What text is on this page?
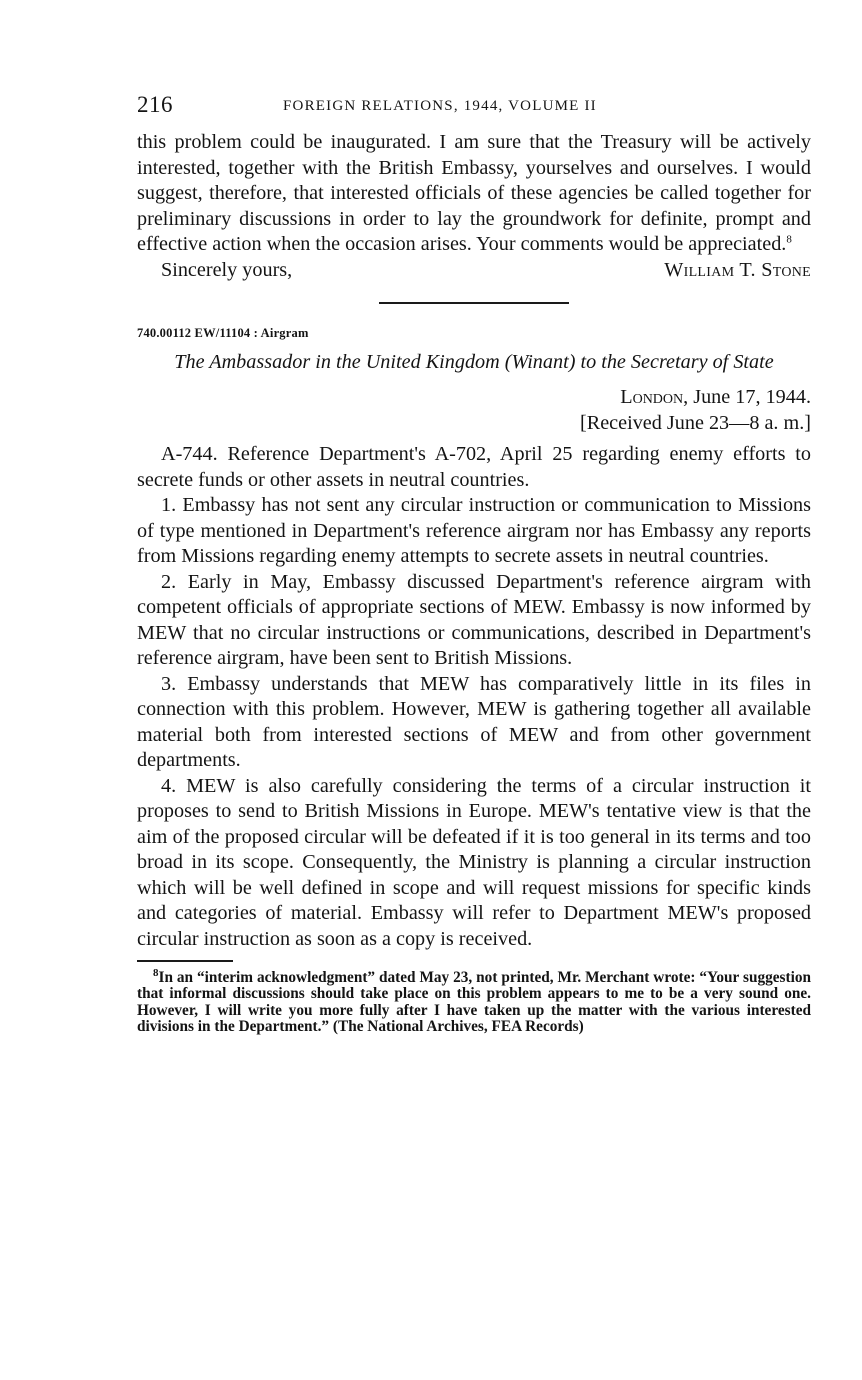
216	FOREIGN RELATIONS, 1944, VOLUME II

this problem could be inaugurated. I am sure that the Treasury will be actively interested, together with the British Embassy, yourselves and ourselves. I would suggest, therefore, that interested officials of these agencies be called together for preliminary discussions in order to lay the groundwork for definite, prompt and effective action when the occasion arises. Your comments would be appreciated.$^8$

Sincerely yours,	William T. Stone
740.00112 EW/11104 : Airgram
The Ambassador in the United Kingdom (Winant) to the Secretary of State
London, June 17, 1944.
[Received June 23—8 a. m.]

A-744. Reference Department's A-702, April 25 regarding enemy efforts to secrete funds or other assets in neutral countries.

1. Embassy has not sent any circular instruction or communication to Missions of type mentioned in Department's reference airgram nor has Embassy any reports from Missions regarding enemy attempts to secrete assets in neutral countries.

2. Early in May, Embassy discussed Department's reference airgram with competent officials of appropriate sections of MEW. Embassy is now informed by MEW that no circular instructions or communications, described in Department's reference airgram, have been sent to British Missions.

3. Embassy understands that MEW has comparatively little in its files in connection with this problem. However, MEW is gathering together all available material both from interested sections of MEW and from other government departments.

4. MEW is also carefully considering the terms of a circular instruction it proposes to send to British Missions in Europe. MEW's tentative view is that the aim of the proposed circular will be defeated if it is too general in its terms and too broad in its scope. Consequently, the Ministry is planning a circular instruction which will be well defined in scope and will request missions for specific kinds and categories of material. Embassy will refer to Department MEW's proposed circular instruction as soon as a copy is received.

$^8$In an “interim acknowledgment” dated May 23, not printed, Mr. Merchant wrote: “Your suggestion that informal discussions should take place on this problem appears to me to be a very sound one. However, I will write you more fully after I have taken up the matter with the various interested divisions in the Department.” (The National Archives, FEA Records)
